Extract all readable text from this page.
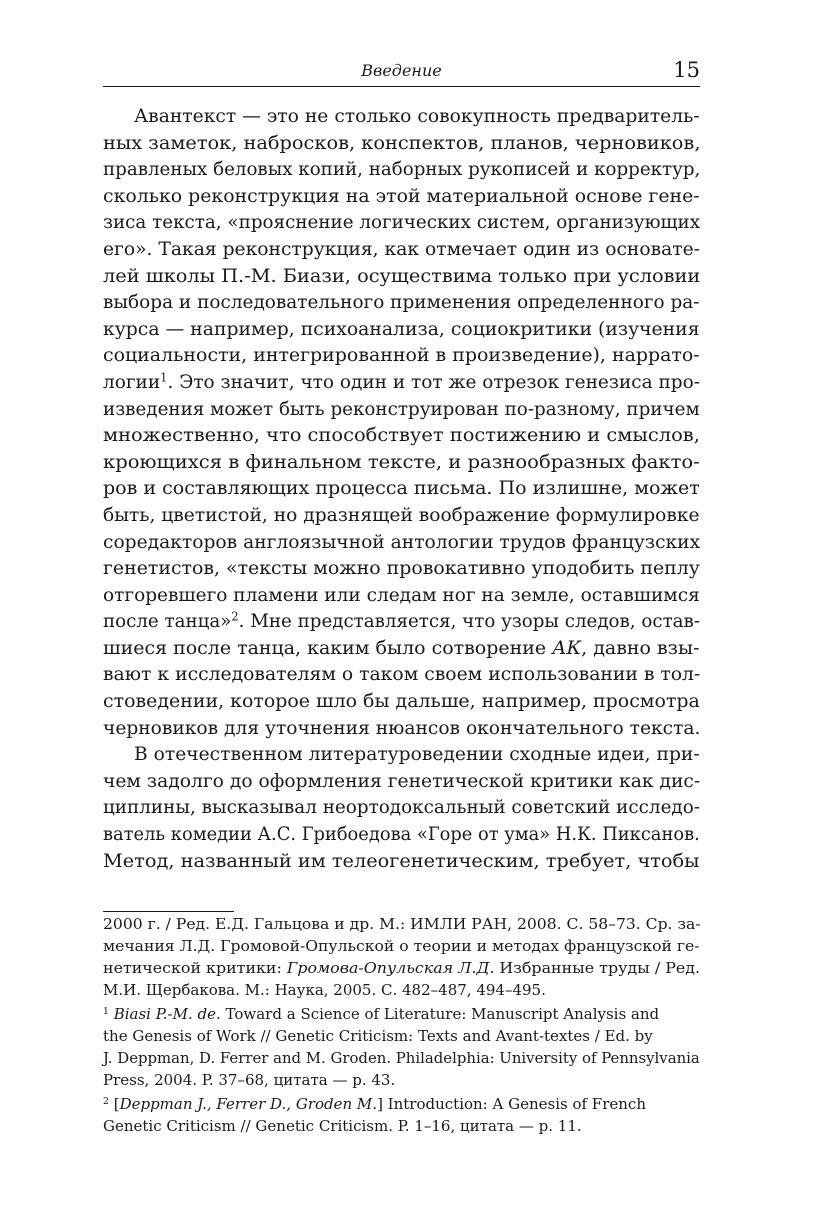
Введение	15
Авантекст — это не столько совокупность предваритель-
ных заметок, набросков, конспектов, планов, черновиков,
правленых беловых копий, наборных рукописей и корректур,
сколько реконструкция на этой материальной основе гене-
зиса текста, «прояснение логических систем, организующих
его». Такая реконструкция, как отмечает один из основате-
лей школы П.-М. Биази, осуществима только при условии
выбора и последовательного применения определенного ра-
курса — например, психоанализа, социокритики (изучения
социальности, интегрированной в произведение), наррато-
логии$^1$. Это значит, что один и тот же отрезок генезиса про-
изведения может быть реконструирован по-разному, причем
множественно, что способствует постижению и смыслов,
кроющихся в финальном тексте, и разнообразных факто-
ров и составляющих процесса письма. По излишне, может
быть, цветистой, но дразнящей воображение формулировке
соредакторов англоязычной антологии трудов французских
генетистов, «тексты можно провокативно уподобить пеплу
отгоревшего пламени или следам ног на земле, оставшимся
после танца»$^2$. Мне представляется, что узоры следов, остав-
шиеся после танца, каким было сотворение АК, давно взы-
вают к исследователям о таком своем использовании в тол-
стоведении, которое шло бы дальше, например, просмотра
черновиков для уточнения нюансов окончательного текста.
В отечественном литературоведении сходные идеи, при-
чем задолго до оформления генетической критики как дис-
циплины, высказывал неортодоксальный советский исследо-
ватель комедии А.С. Грибоедова «Горе от ума» Н.К. Пиксанов.
Метод, названный им телеогенетическим, требует, чтобы
2000 г. / Ред. Е.Д. Гальцова и др. М.: ИМЛИ РАН, 2008. С. 58–73. Ср. за-
мечания Л.Д. Громовой-Опульской о теории и методах французской ге-
нетической критики: Громова-Опульская Л.Д. Избранные труды / Ред.
М.И. Щербакова. М.: Наука, 2005. С. 482–487, 494–495.
$^1$ Biasi P.-M. de. Toward a Science of Literature: Manuscript Analysis and
the Genesis of Work // Genetic Criticism: Texts and Avant-textes / Ed. by
J. Deppman, D. Ferrer and M. Groden. Philadelphia: University of Pennsylvania
Press, 2004. P. 37–68, цитата — p. 43.
$^2$ [Deppman J., Ferrer D., Groden M.] Introduction: A Genesis of French
Genetic Criticism // Genetic Criticism. P. 1–16, цитата — p. 11.
